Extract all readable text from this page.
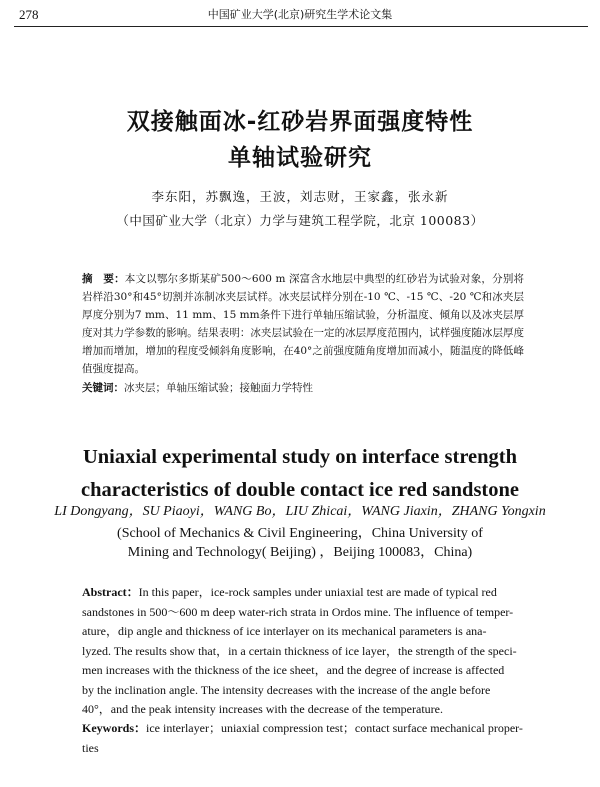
278	中国矿业大学(北京)研究生学术论文集
双接触面冰-红砂岩界面强度特性
单轴试验研究
李东阳，苏飘逸，王波，刘志财，王家鑫，张永新
（中国矿业大学（北京）力学与建筑工程学院，北京 100083）
摘　要：本文以鄂尔多斯某矿500～600 m 深富含水地层中典型的红砂岩为试验对象，分别将岩样沿30°和45°切割并冻制冰夹层试样。冰夹层试样分别在-10 ℃、-15 ℃、-20 ℃和冰夹层厚度分别为7 mm、11 mm、15 mm条件下进行单轴压缩试验，分析温度、倾角以及冰夹层厚度对其力学参数的影响。结果表明：冰夹层试验在一定的冰层厚度范围内，试样强度随冰层厚度增加而增加，增加的程度受倾斜角度影响，在40°之前强度随角度增加而减小，随温度的降低峰值强度提高。
关键词：冰夹层；单轴压缩试验；接触面力学特性
Uniaxial experimental study on interface strength
characteristics of double contact ice red sandstone
LI Dongyang，SU Piaoyi，WANG Bo，LIU Zhicai，WANG Jiaxin，ZHANG Yongxin
(School of Mechanics & Civil Engineering，China University of
Mining and Technology( Beijing) ，Beijing 100083，China)
Abstract：In this paper，ice-rock samples under uniaxial test are made of typical red
sandstones in 500～600 m deep water-rich strata in Ordos mine. The influence of temper-
ature，dip angle and thickness of ice interlayer on its mechanical parameters is ana-
lyzed. The results show that，in a certain thickness of ice layer，the strength of the speci-
men increases with the thickness of the ice sheet，and the degree of increase is affected
by the inclination angle. The intensity decreases with the increase of the angle before
40°，and the peak intensity increases with the decrease of the temperature.
Keywords：ice interlayer；uniaxial compression test；contact surface mechanical proper-
ties
